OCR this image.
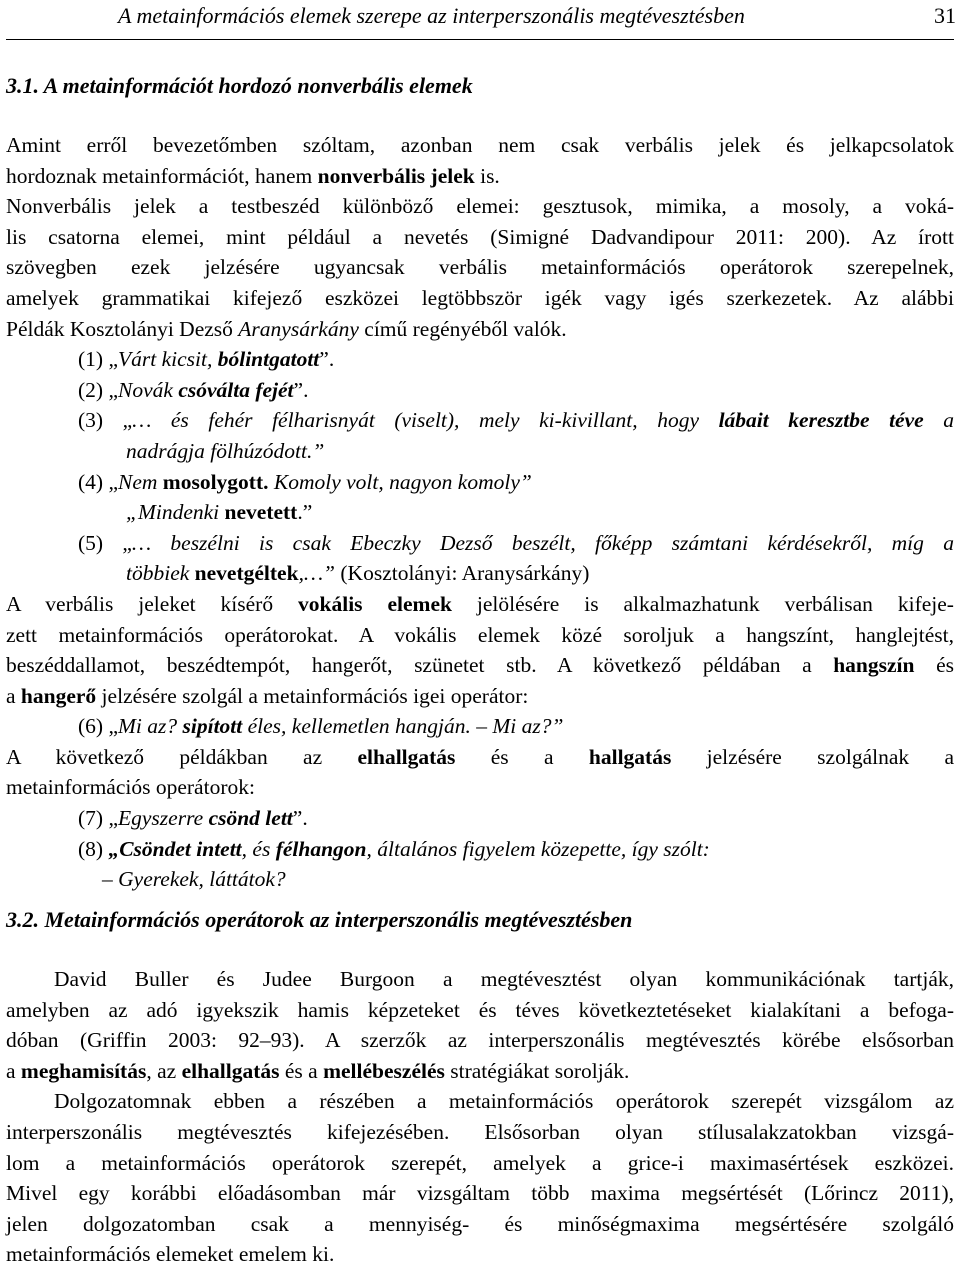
A metainformációs elemek szerepe az interperszonális megtévesztésben	31
3.1. A metainformációt hordozó nonverbális elemek
Amint erről bevezetőmben szóltam, azonban nem csak verbális jelek és jelkapcsolatok
hordoznak metainformációt, hanem nonverbális jelek is.
Nonverbális jelek a testbeszéd különböző elemei: gesztusok, mimika, a mosoly, a voká-
lis csatorna elemei, mint például a nevetés (Simigné Dadvandipour 2011: 200). Az írott
szövegben ezek jelzésére ugyancsak verbális metainformációs operátorok szerepelnek,
amelyek grammatikai kifejező eszközei legtöbbször igék vagy igés szerkezetek. Az alábbi
Példák Kosztolányi Dezső Aranysárkány című regényéből valók.
(1) „Várt kicsit, bólintgatott”.
(2) „Novák csóválta fejét”.
(3) „… és fehér félharisnyát (viselt), mely ki-kivillant, hogy lábait keresztbe téve a
nadrágja fölhúzódott.”
(4) „Nem mosolygott. Komoly volt, nagyon komoly”
„Mindenki nevetett.”
(5) „… beszélni is csak Ebeczky Dezső beszélt, főképp számtani kérdésekről, míg a
többiek nevetgéltek,…” (Kosztolányi: Aranysárkány)
A verbális jeleket kísérő vokális elemek jelölésére is alkalmazhatunk verbálisan kifeje-
zett metainformációs operátorokat. A vokális elemek közé soroljuk a hangszínt, hanglejtést,
beszéddallamot, beszédtempót, hangerőt, szünetet stb. A következő példában a hangszín és
a hangerő jelzésére szolgál a metainformációs igei operátor:
(6) „Mi az? sipított éles, kellemetlen hangján. – Mi az?”
A következő példákban az elhallgatás és a hallgatás jelzésére szolgálnak a
metainformációs operátorok:
(7) „Egyszerre csönd lett”.
(8) „Csöndet intett, és félhangon, általános figyelem közepette, így szólt:
– Gyerekek, láttátok?
3.2. Metainformációs operátorok az interperszonális megtévesztésben
David Buller és Judee Burgoon a megtévesztést olyan kommunikációnak tartják,
amelyben az adó igyekszik hamis képzeteket és téves következtetéseket kialakítani a befoga-
dóban (Griffin 2003: 92–93). A szerzők az interperszonális megtévesztés körébe elsősorban
a meghamisítás, az elhallgatás és a mellébeszélés stratégiákat sorolják.
Dolgozatomnak ebben a részében a metainformációs operátorok szerepét vizsgálom az
interperszonális megtévesztés kifejezésében. Elsősorban olyan stílusalakzatokban vizsgá-
lom a metainformációs operátorok szerepét, amelyek a grice-i maximasértések eszközei.
Mivel egy korábbi előadásomban már vizsgáltam több maxima megsértését (Lőrincz 2011),
jelen dolgozatomban csak a mennyiség- és minőségmaxima megsértésére szolgáló
metainformációs elemeket emelem ki.
